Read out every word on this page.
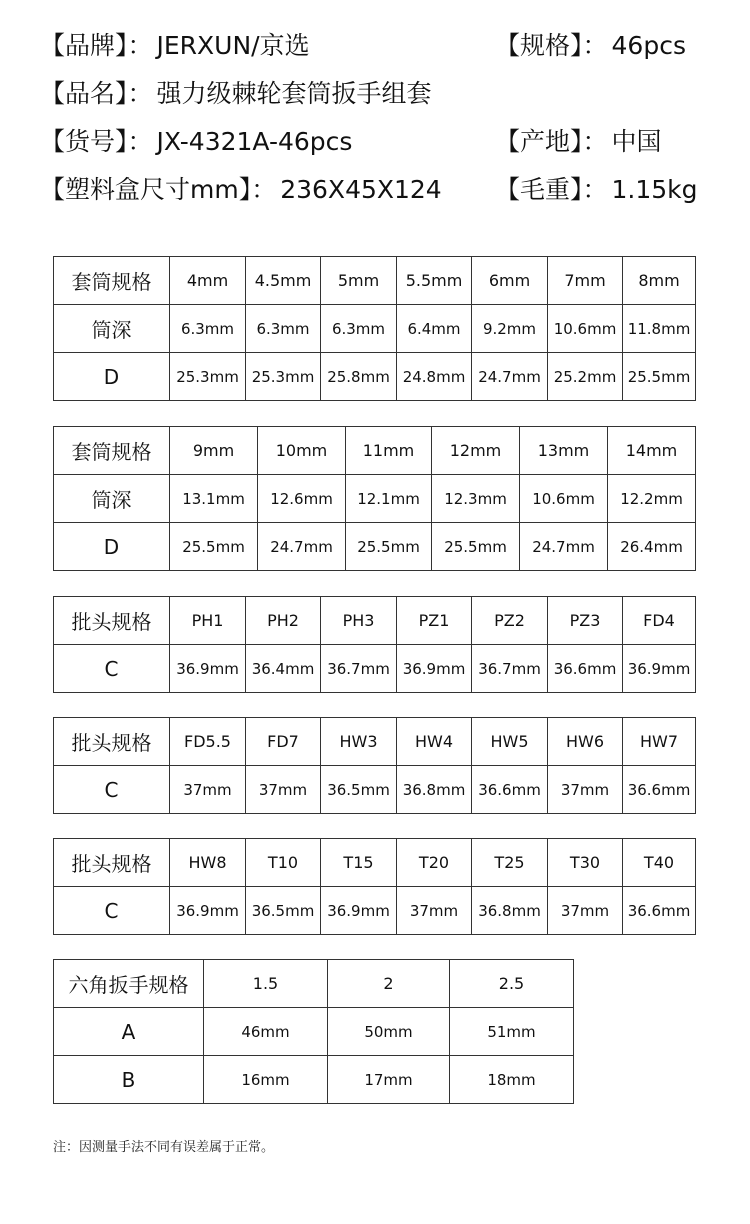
【品牌】： JERXUN/京选	【规格】： 46pcs
【品名】： 强力级棘轮套筒扳手组套
【货号】： JX-4321A-46pcs	【产地】： 中国
【塑料盒尺寸mm】： 236X45X124 【毛重】： 1.15kg
套筒规格	4mm	4.5mm	5mm	5.5mm	6mm	7mm	8mm
筒深	6.3mm	6.3mm	6.3mm	6.4mm	9.2mm	10.6mm	11.8mm
D	25.3mm	25.3mm	25.8mm	24.8mm	24.7mm	25.2mm	25.5mm
套筒规格	9mm	10mm	11mm	12mm	13mm	14mm
筒深	13.1mm	12.6mm	12.1mm	12.3mm	10.6mm	12.2mm
D	25.5mm	24.7mm	25.5mm	25.5mm	24.7mm	26.4mm
批头规格	PH1	PH2	PH3	PZ1	PZ2	PZ3	FD4
C	36.9mm	36.4mm	36.7mm	36.9mm	36.7mm	36.6mm	36.9mm
批头规格	FD5.5	FD7	HW3	HW4	HW5	HW6	HW7
C	37mm	37mm	36.5mm	36.8mm	36.6mm	37mm	36.6mm
批头规格	HW8	T10	T15	T20	T25	T30	T40
C	36.9mm	36.5mm	36.9mm	37mm	36.8mm	37mm	36.6mm
六角扳手规格	1.5	2	2.5
A	46mm	50mm	51mm
B	16mm	17mm	18mm
注：因测量手法不同有误差属于正常。
